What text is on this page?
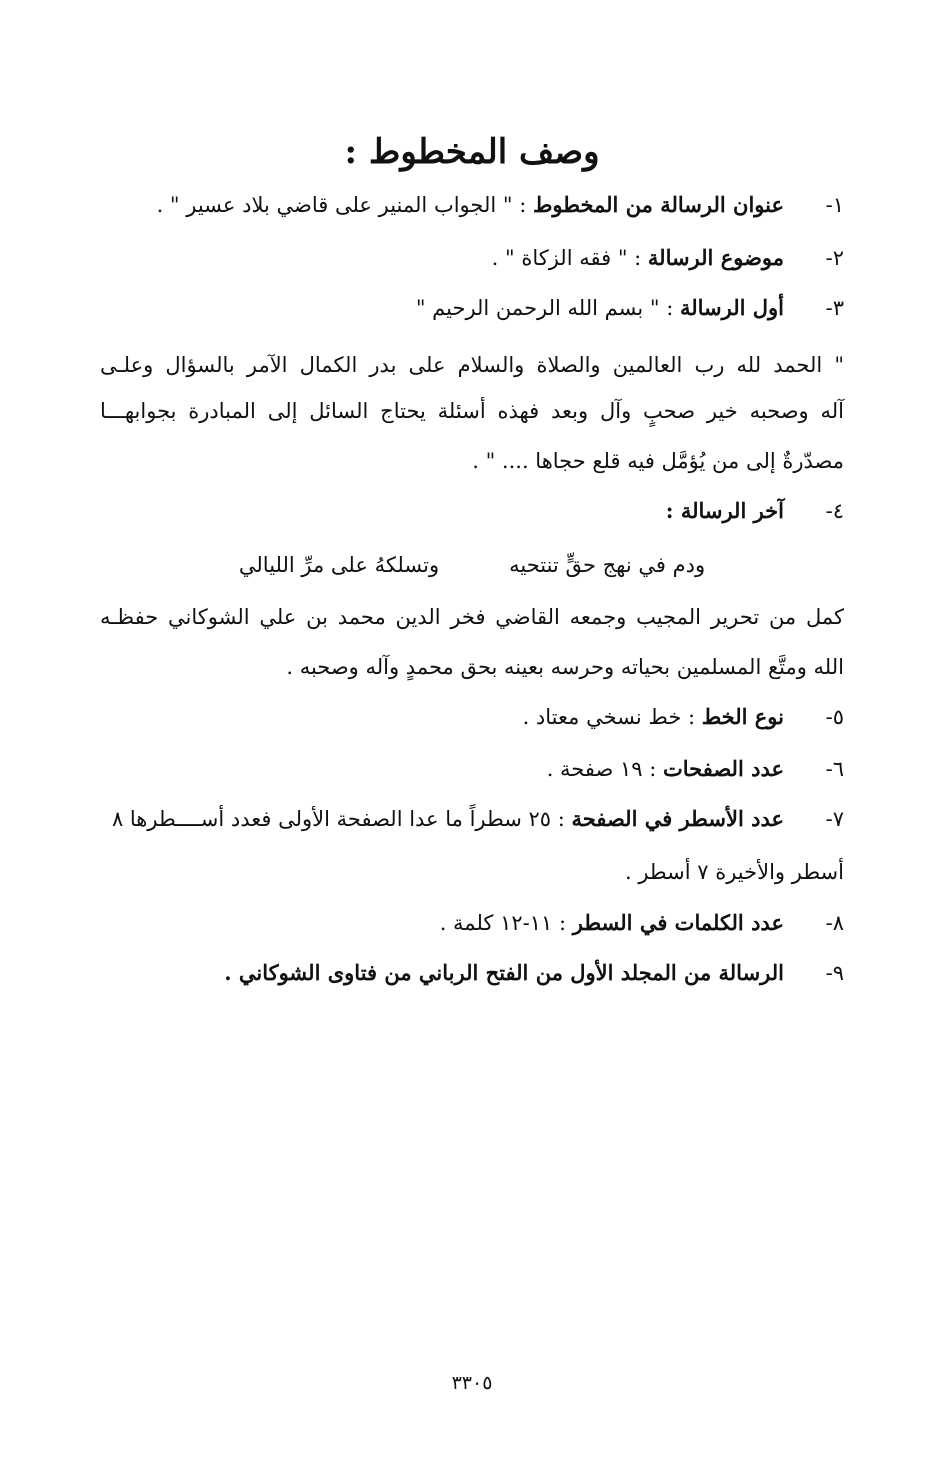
وصف المخطوط :
١-عنوان الرسالة من المخطوط : " الجواب المنير على قاضي بلاد عسير " .
٢-موضوع الرسالة : " فقه الزكاة " .
٣-أول الرسالة : " بسم الله الرحمن الرحيم "
" الحمد لله رب العالمين والصلاة والسلام على بدر الكمال الآمر بالسؤال وعلـى
آله وصحبه خير صحبٍ وآل وبعد فهذه أسئلة يحتاج السائل إلى المبادرة بجوابهـــا
مصدّرةٌ إلى من يُؤمَّل فيه قلع حجاها .... " .
٤-آخر الرسالة :
ودم في نهج حقٍّ تنتحيهوتسلكهُ على مرِّ الليالي
كمل من تحرير المجيب وجمعه القاضي فخر الدين محمد بن علي الشوكاني حفظـه
الله ومتَّع المسلمين بحياته وحرسه بعينه بحق محمدٍ وآله وصحبه .
٥-نوع الخط : خط نسخي معتاد .
٦-عدد الصفحات : ١٩ صفحة .
٧-عدد الأسطر في الصفحة : ٢٥ سطراً ما عدا الصفحة الأولى فعدد أســــطرها ٨
أسطر والأخيرة ٧ أسطر .
٨-عدد الكلمات في السطر : ١١-١٢ كلمة .
٩-الرسالة من المجلد الأول من الفتح الرباني من فتاوى الشوكاني .
٣٣٠٥
